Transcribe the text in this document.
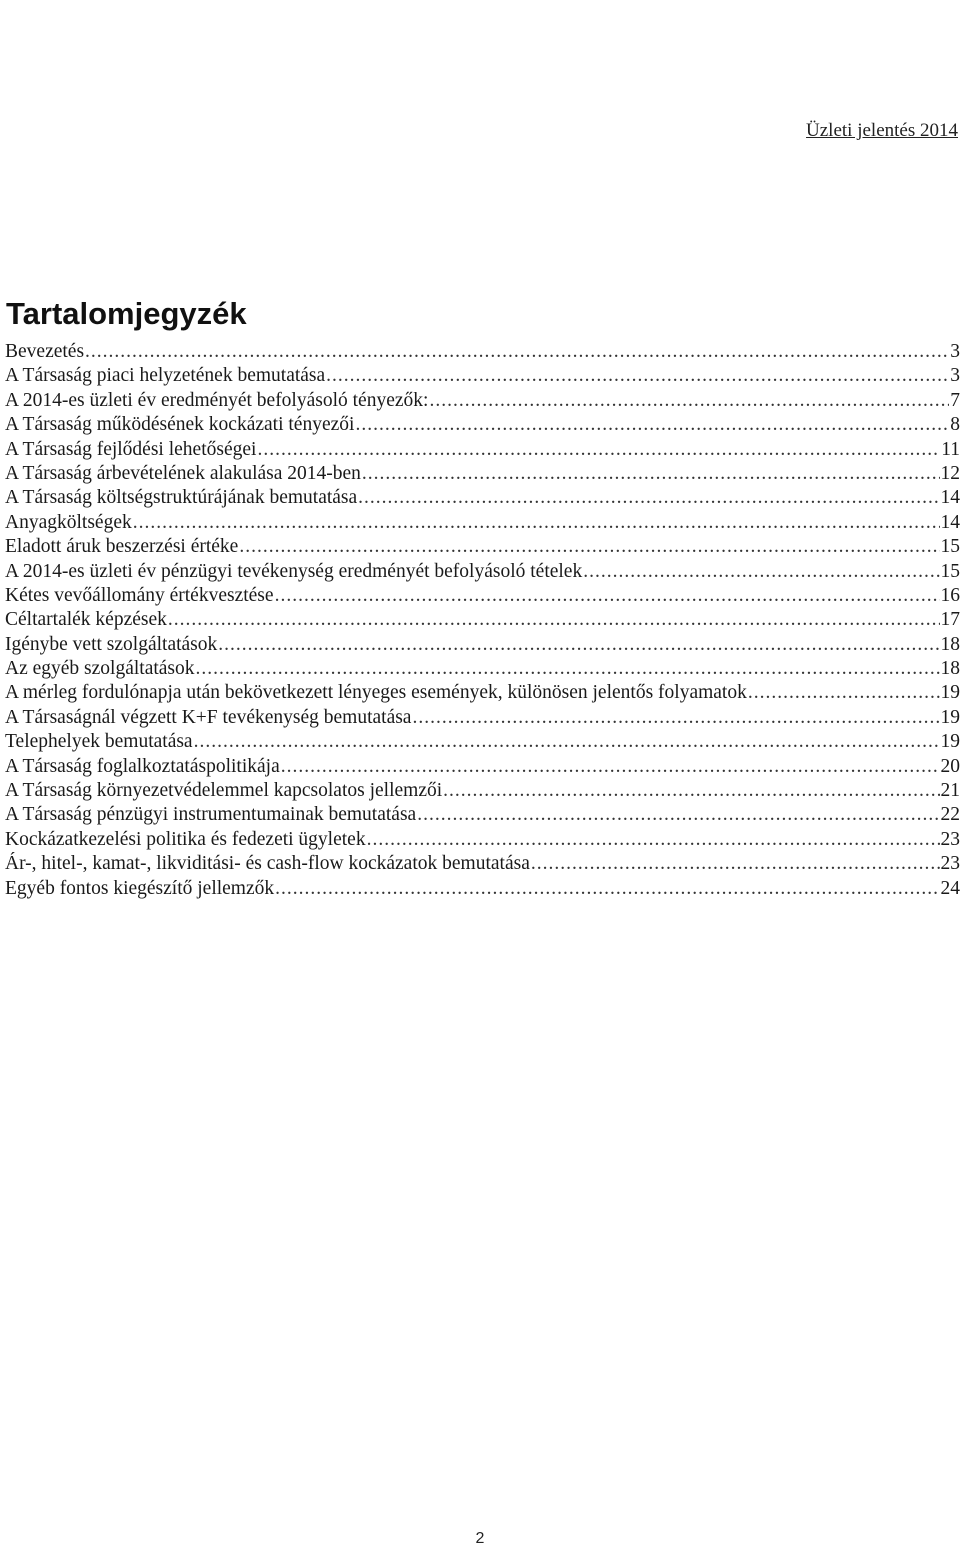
Üzleti jelentés 2014
Tartalomjegyzék
Bevezetés .....	3
A Társaság piaci helyzetének bemutatása .....	3
A 2014-es üzleti év eredményét befolyásoló tényezők: .....	7
A Társaság működésének kockázati tényezői .....	8
A Társaság fejlődési lehetőségei .....	11
A Társaság árbevételének alakulása 2014-ben .....	12
A Társaság költségstruktúrájának bemutatása .....	14
Anyagköltségek .....	14
Eladott áruk beszerzési értéke .....	15
A 2014-es üzleti év pénzügyi tevékenység eredményét befolyásoló tételek .....	15
Kétes vevőállomány értékvesztése .....	16
Céltartalék képzések .....	17
Igénybe vett szolgáltatások .....	18
Az egyéb szolgáltatások .....	18
A mérleg fordulónapja után bekövetkezett lényeges események, különösen jelentős folyamatok .....	19
A Társaságnál végzett K+F tevékenység bemutatása .....	19
Telephelyek bemutatása .....	19
A Társaság foglalkoztatáspolitikája .....	20
A Társaság környezetvédelemmel kapcsolatos jellemzői .....	21
A Társaság pénzügyi instrumentumainak bemutatása .....	22
Kockázatkezelési politika és fedezeti ügyletek .....	23
Ár-, hitel-, kamat-, likviditási- és cash-flow kockázatok bemutatása .....	23
Egyéb fontos kiegészítő jellemzők .....	24
2
